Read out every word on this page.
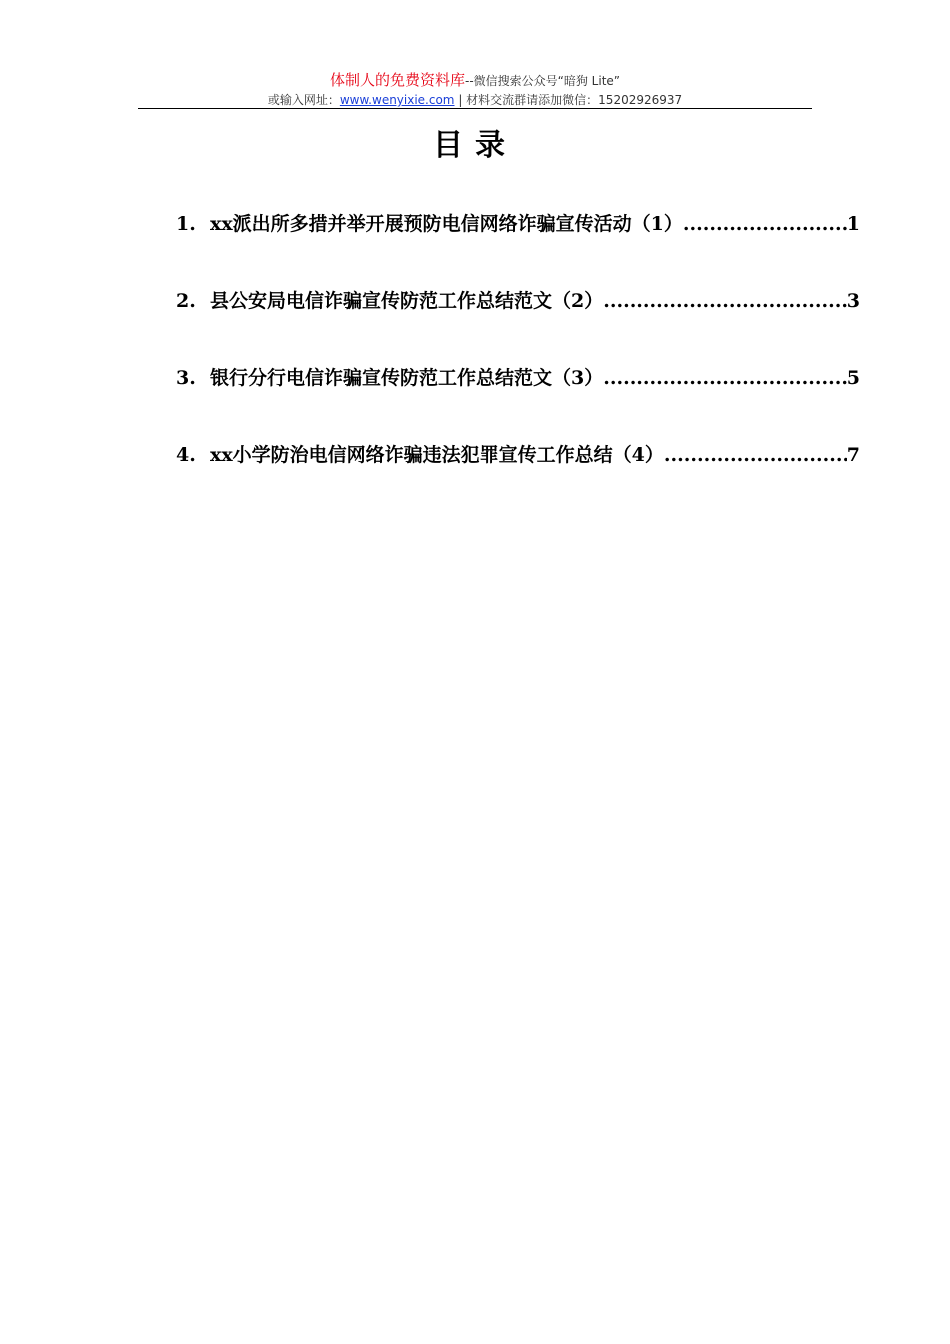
体制人的免费资料库--微信搜索公众号“暗狗 Lite”
或输入网址：www.wenyixie.com | 材料交流群请添加微信：15202926937
目录
1. xx派出所多措并举开展预防电信网络诈骗宣传活动（1） .....	1
2. 县公安局电信诈骗宣传防范工作总结范文（2） .....	3
3. 银行分行电信诈骗宣传防范工作总结范文（3） .....	5
4. xx小学防治电信网络诈骗违法犯罪宣传工作总结（4） .....	7
